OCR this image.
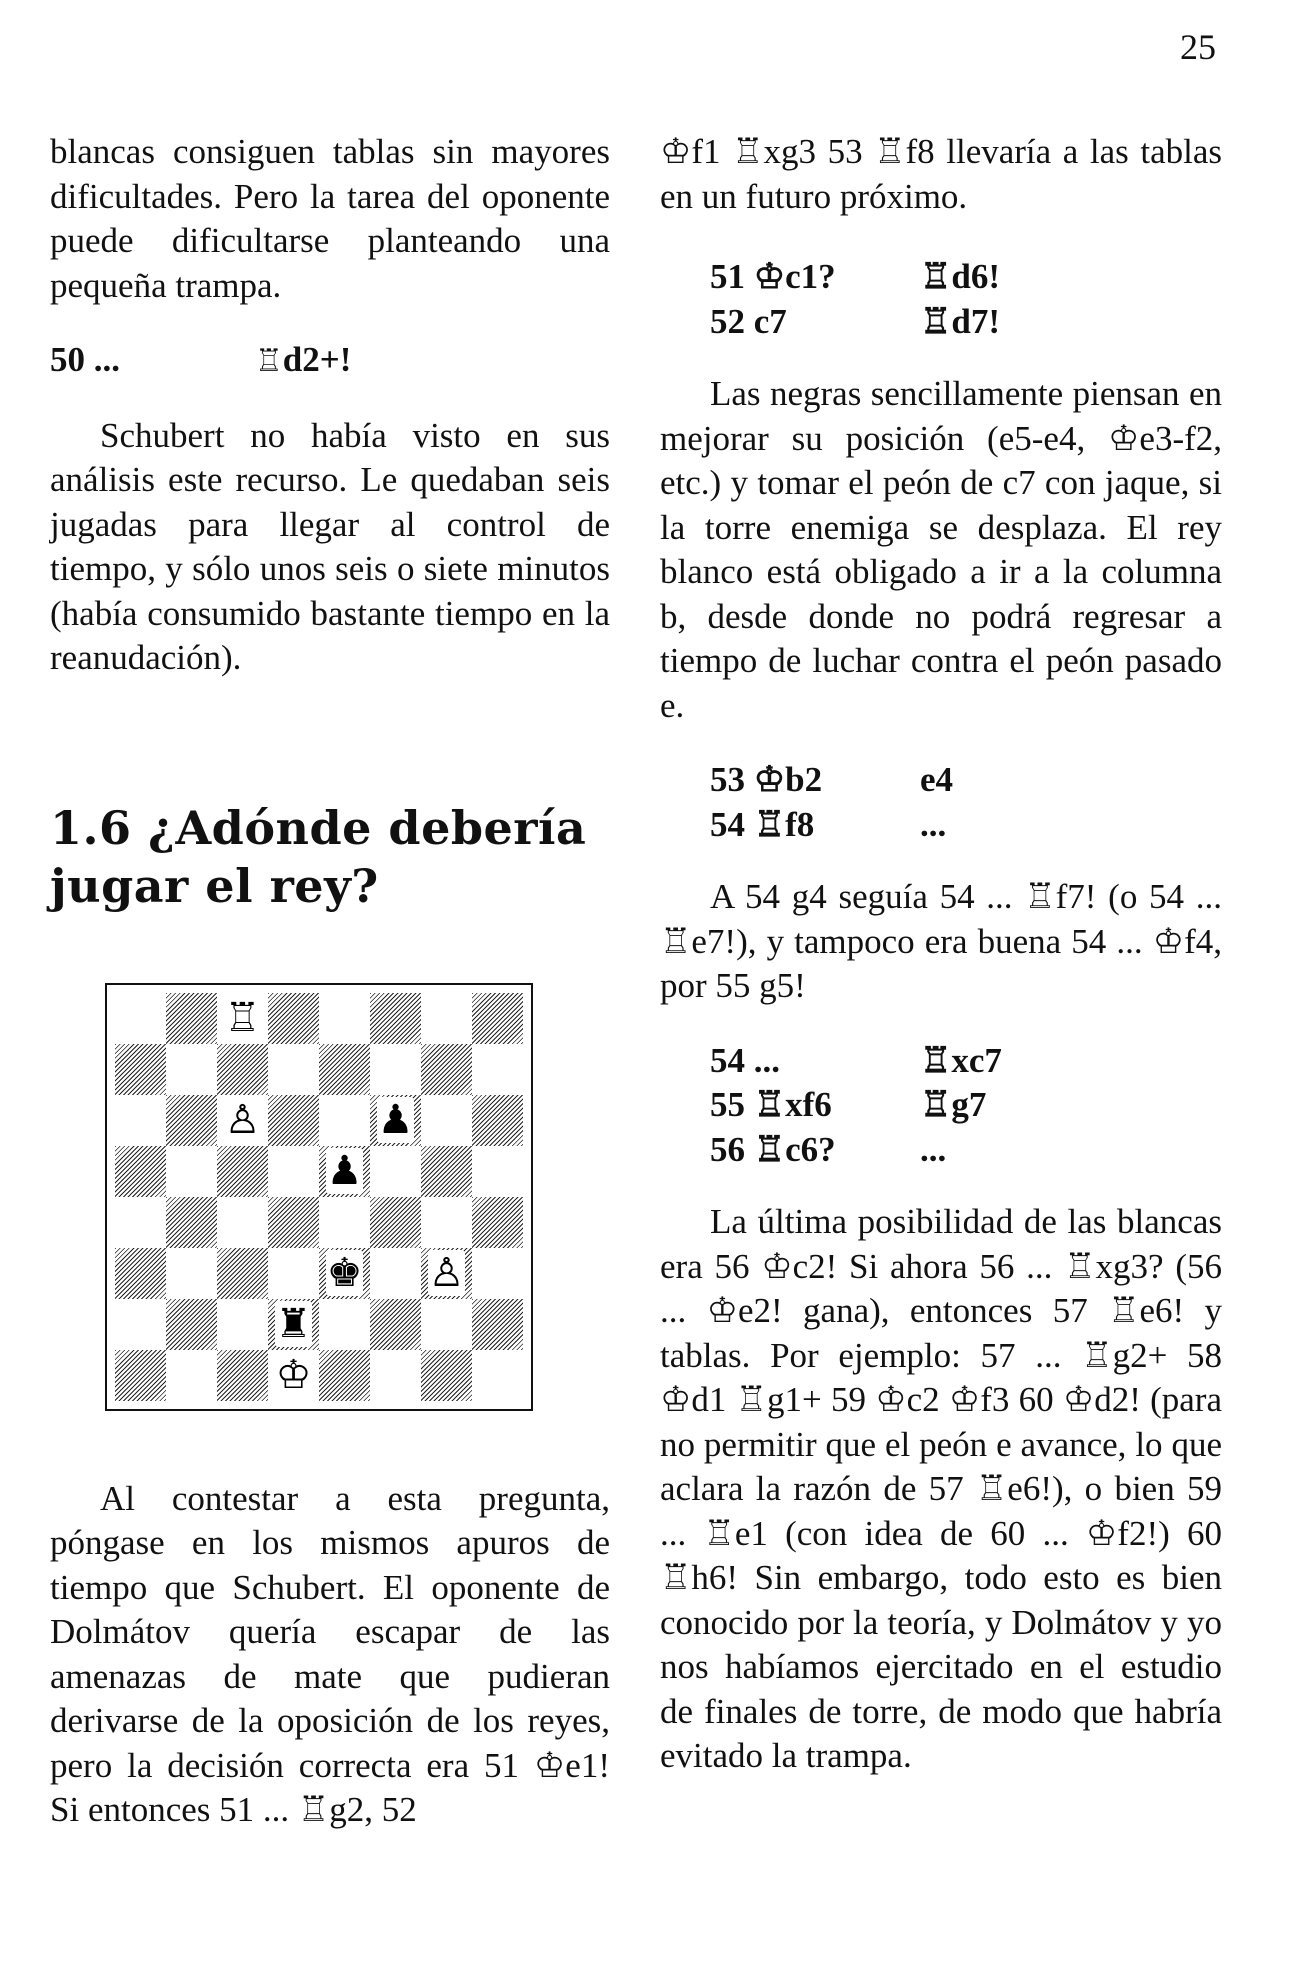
25

blancas consiguen tablas sin mayores dificultades. Pero la tarea del oponente puede dificultarse planteando una pequeña trampa.

50 ...	♖d2+!

Schubert no había visto en sus análisis este recurso. Le quedaban seis jugadas para llegar al control de tiempo, y sólo unos seis o siete minutos (había consumido bastante tiempo en la reanudación).

1.6 ¿Adónde debería
jugar el rey?
♖
♙	♟
♟
♚ ♙
♜
♔

Al contestar a esta pregunta, póngase en los mismos apuros de tiempo que Schubert. El oponente de Dolmátov quería escapar de las amenazas de mate que pudieran derivarse de la oposición de los reyes, pero la decisión correcta era 51 ♔e1! Si entonces 51 ... ♖g2, 52

♔f1 ♖xg3 53 ♖f8 llevaría a las tablas en un futuro próximo.

51 ♔c1?	♖d6!
52 c7	♖d7!

Las negras sencillamente piensan en mejorar su posición (e5-e4, ♔e3-f2, etc.) y tomar el peón de c7 con jaque, si la torre enemiga se desplaza. El rey blanco está obligado a ir a la columna b, desde donde no podrá regresar a tiempo de luchar contra el peón pasado e.

53 ♔b2	e4
54 ♖f8	...

A 54 g4 seguía 54 ... ♖f7! (o 54 ... ♖e7!), y tampoco era buena 54 ... ♔f4, por 55 g5!

54 ...	♖xc7
55 ♖xf6	♖g7
56 ♖c6?	...

La última posibilidad de las blancas era 56 ♔c2! Si ahora 56 ... ♖xg3? (56 ... ♔e2! gana), entonces 57 ♖e6! y tablas. Por ejemplo: 57 ... ♖g2+ 58 ♔d1 ♖g1+ 59 ♔c2 ♔f3 60 ♔d2! (para no permitir que el peón e avance, lo que aclara la razón de 57 ♖e6!), o bien 59 ... ♖e1 (con idea de 60 ... ♔f2!) 60 ♖h6! Sin embargo, todo esto es bien conocido por la teoría, y Dolmátov y yo nos habíamos ejercitado en el estudio de finales de torre, de modo que habría evitado la trampa.
